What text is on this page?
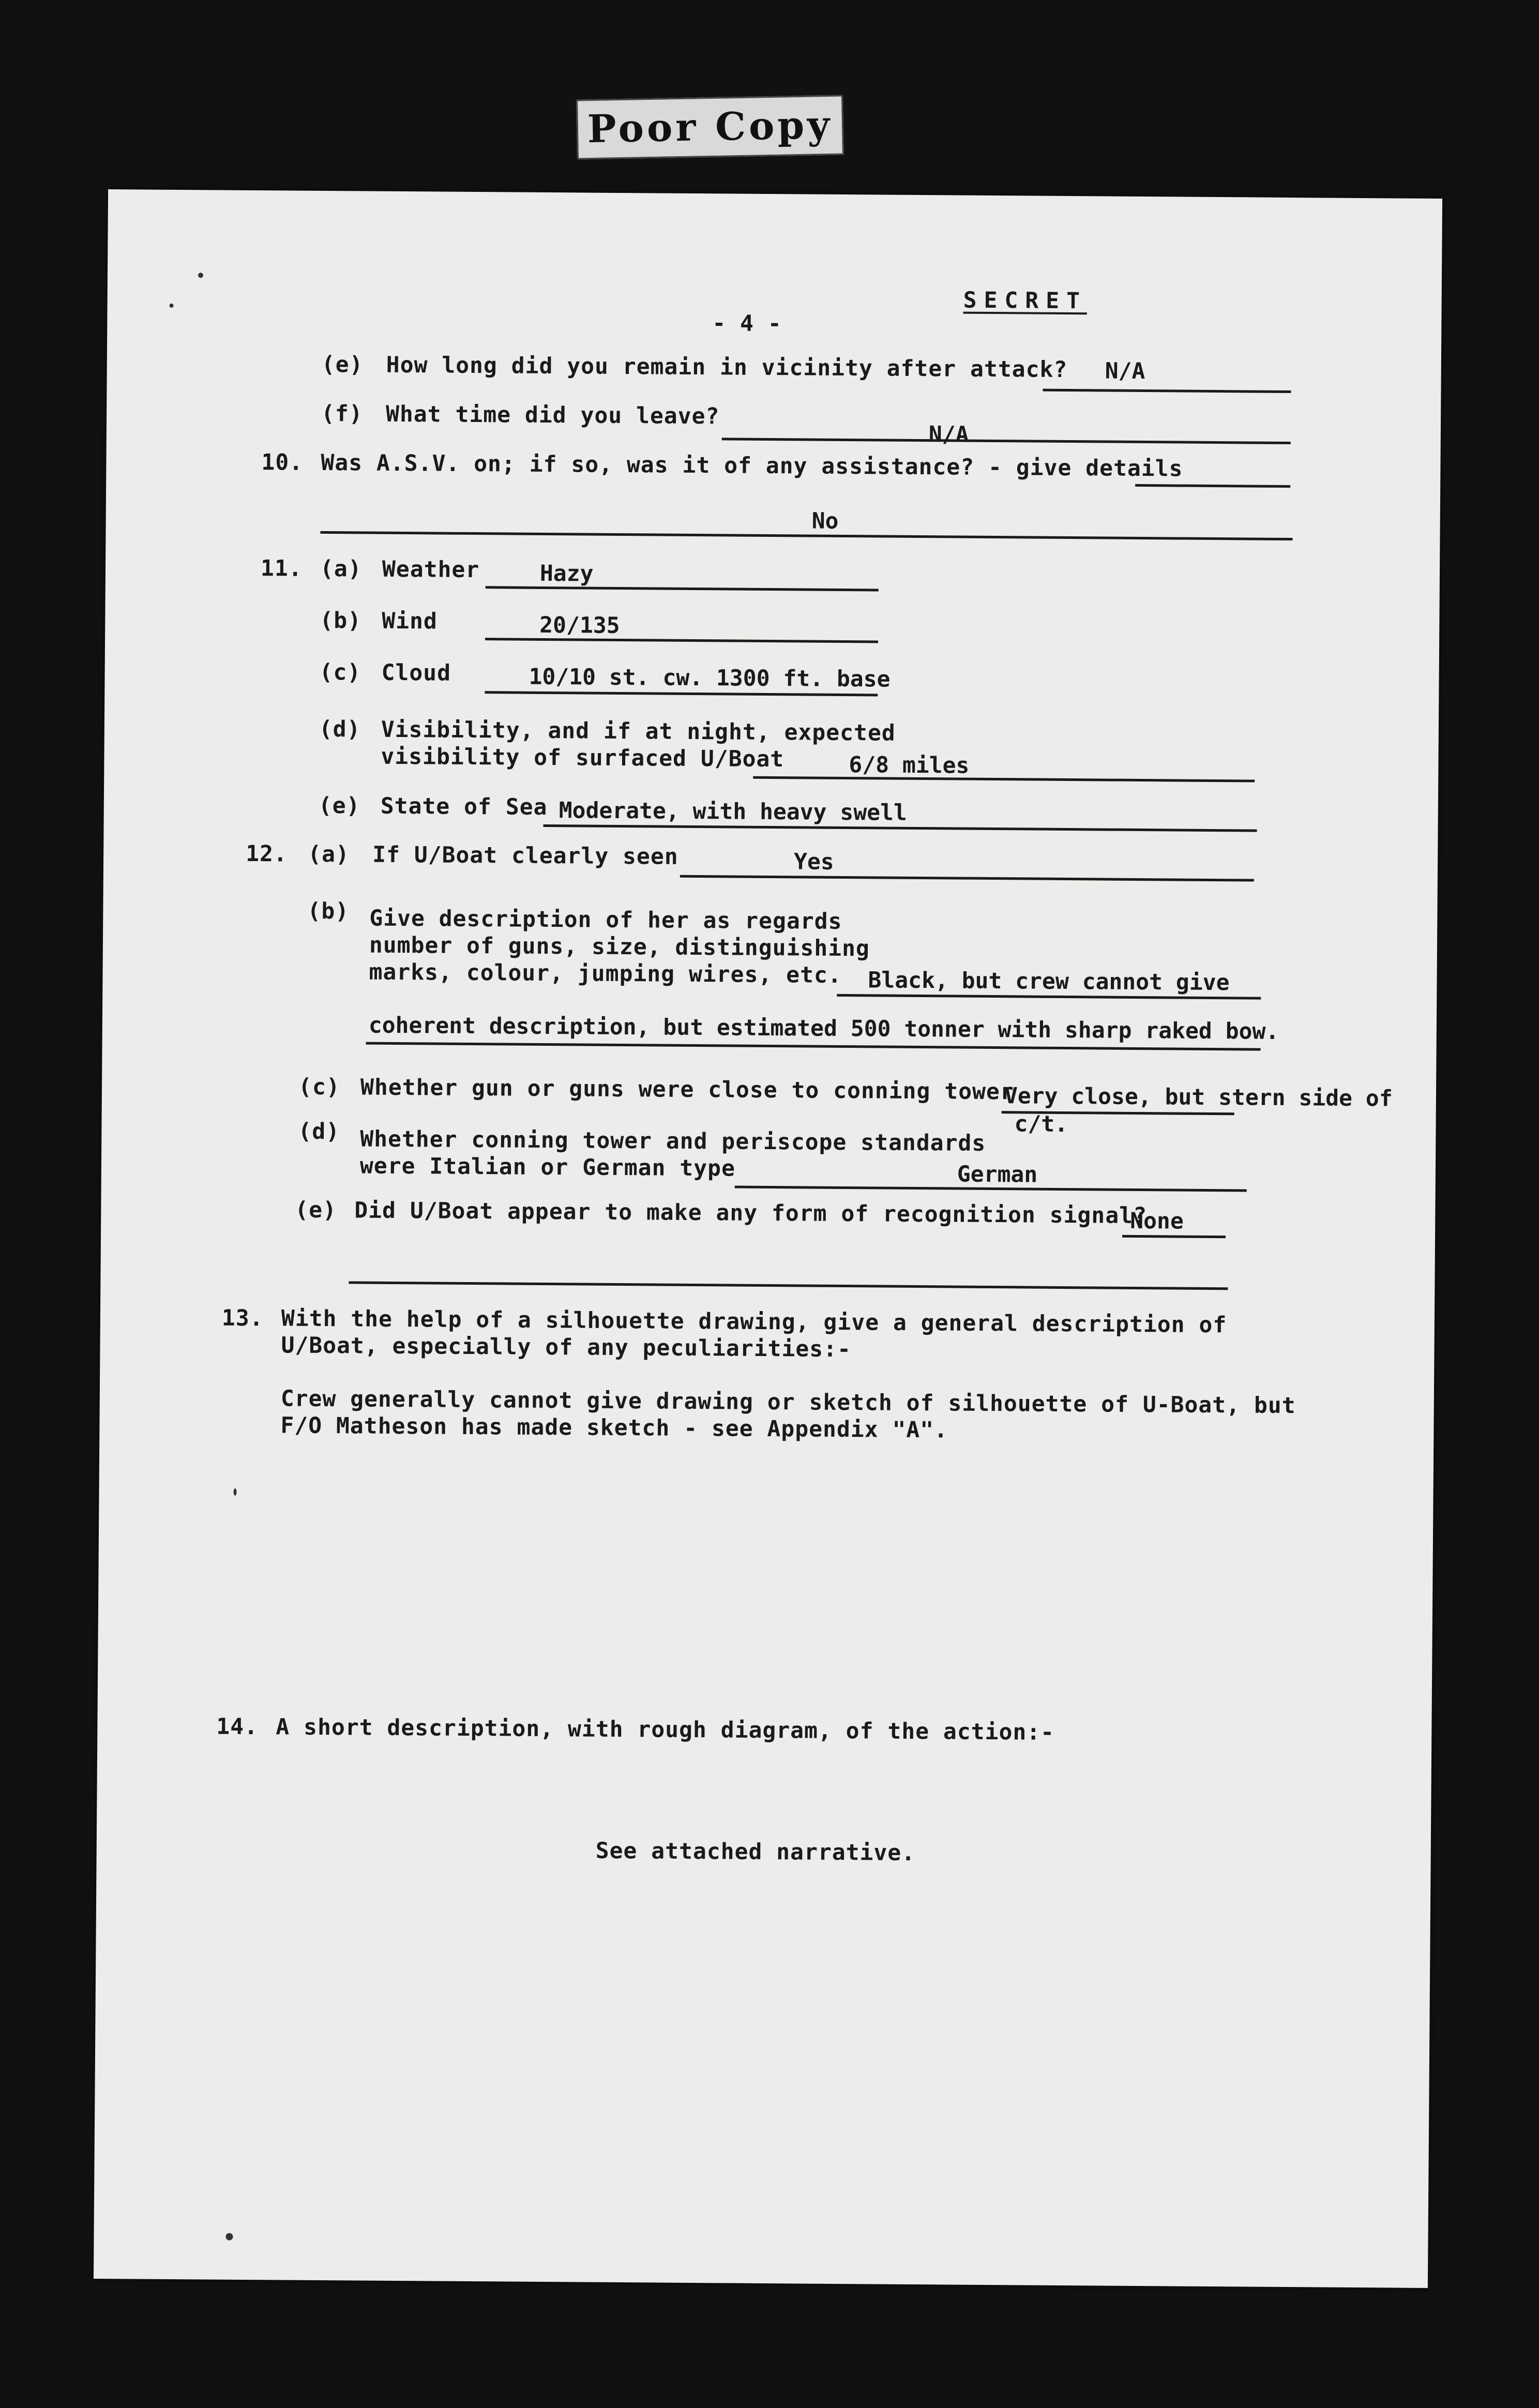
Poor Copy
- 4 -
SECRET
(e) How long did you remain in vicinity after attack? N/A
(f) What time did you leave?
N/A
10. Was A.S.V. on; if so, was it of any assistance? - give details
No
11. (a) Weather	Hazy
(b) Wind	20/135
(c) Cloud	10/10 st. cw. 1300 ft. base
(d) Visibility, and if at night, expected
visibility of surfaced U/Boat	6/8 miles
(e) State of Sea Moderate, with heavy swell
12. (a) If U/Boat clearly seen	Yes
(b) Give description of her as regards
number of guns, size, distinguishing
marks, colour, jumping wires, etc. Black, but crew cannot give
coherent description, but estimated 500 tonner with sharp raked bow.
(c) Whether gun or guns were close to conning tower
Very close, but stern side of
c/t.
(d) Whether conning tower and periscope standards
were Italian or German type	German
(e) Did U/Boat appear to make any form of recognition signal?
None
13. With the help of a silhouette drawing, give a general description of
U/Boat, especially of any peculiarities:-
Crew generally cannot give drawing or sketch of silhouette of U-Boat, but
F/O Matheson has made sketch - see Appendix "A".
14. A short description, with rough diagram, of the action:-
See attached narrative.
